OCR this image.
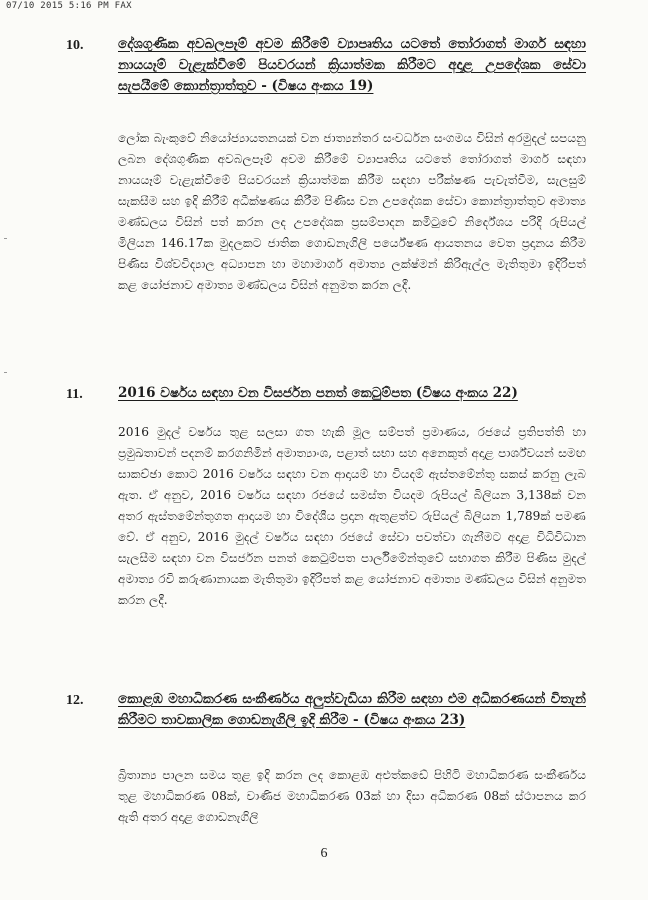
07/10 2015 5:16 PM FAX
10.	දේශගුණික අවබලපෑම් අවම කිරීමේ ව්‍යාපෘතිය යටතේ තෝරාගත් මාර්ග සඳහා නායයෑම් වැළැක්වීමේ පියවරයන් ක්‍රියාත්මක කිරීමට අදාළ උපදේශක සේවා සැපයීමේ කොන්ත්‍රාත්තුව - (විෂය අංකය 19)
ලෝක බැංකුවේ නියෝජ්‍යායතනයක් වන ජාත්‍යන්තර සංවර්ධන සංගමය විසින් අරමුදල් සපයනු ලබන දේශගුණික අවබලපෑම් අවම කිරීමේ ව්‍යාපෘතිය යටතේ තෝරාගත් මාර්ග සඳහා නායයෑම් වැළැක්වීමේ පියවරයන් ක්‍රියාත්මක කිරීම සඳහා පරීක්ෂණ පැවැත්වීම, සැලසුම් සැකසීම සහ ඉදි කිරීම් අධීක්ෂණය කිරීම පිණිස වන උපදේශක සේවා කොන්ත්‍රාත්තුව අමාත්‍ය මණ්ඩලය විසින් පත් කරන ලද උපදේශක ප්‍රසම්පාදන කමිටුවේ නිර්දේශය පරිදි රුපියල් මිලියන 146.17ක මුදලකට ජාතික ගොඩනැගිලි පර්යේෂණ ආයතනය වෙත ප්‍රදානය කිරීම පිණිස විශ්වවිද්‍යාල අධ්‍යාපන හා මහාමාර්ග අමාත්‍ය ලක්ෂ්මන් කිරිඇල්ල මැතිතුමා ඉදිරිපත් කළ යෝජනාව අමාත්‍ය මණ්ඩලය විසින් අනුමත කරන ලදී.
11.	2016 වර්ෂය සඳහා වන විසර්ජන පනත් කෙටුම්පත (විෂය අංකය 22)
2016 මුදල් වර්ෂය තුළ සලසා ගත හැකි මූල සම්පත් ප්‍රමාණය, රජයේ ප්‍රතිපත්ති හා ප්‍රමුඛතාවන් පදනම් කරගනිමින් අමාත්‍යාංශ, පළාත් සභා සහ අනෙකුත් අදාළ පාර්ශ්වයන් සමඟ සාකච්ඡා කොට 2016 වර්ෂය සඳහා වන ආදායම් හා වියදම් ඇස්තමේන්තු සකස් කරනු ලැබ ඇත. ඒ අනුව, 2016 වර්ෂය සඳහා රජයේ සමස්ත වියදම රුපියල් බිලියන 3,138ක් වන අතර ඇස්තමේන්තුගත ආදායම හා විදේශීය ප්‍රදාන ඇතුළත්ව රුපියල් බිලියන 1,789ක් පමණ වේ. ඒ අනුව, 2016 මුදල් වර්ෂය සඳහා රජයේ සේවා පවත්වා ගැනීමට අදාළ විධිවිධාන සැලසීම සඳහා වන විසර්ජන පනත් කෙටුම්පත පාර්ලිමේන්තුවේ සභාගත කිරීම පිණිස මුදල් අමාත්‍ය රවි කරුණානායක මැතිතුමා ඉදිරිපත් කළ යෝජනාව අමාත්‍ය මණ්ඩලය විසින් අනුමත කරන ලදී.
12.	කොළඹ මහාධිකරණ සංකීර්ණය අලුත්වැඩියා කිරීම සඳහා එම අධිකරණයන් විතැන් කිරීමට තාවකාලික ගොඩනැගිලි ඉදි කිරීම - (විෂය අංකය 23)
බ්‍රිතාන්‍ය පාලන සමය තුළ ඉදි කරන ලද කොළඹ අළුත්කඩේ පිහිටි මහාධිකරණ සංකීර්ණය තුළ මහාධිකරණ 08ක්, වාණිජ මහාධිකරණ 03ක් හා දිසා අධිකරණ 08ක් ස්ථාපනය කර ඇති අතර අදාළ ගොඩනැගිලි
6
